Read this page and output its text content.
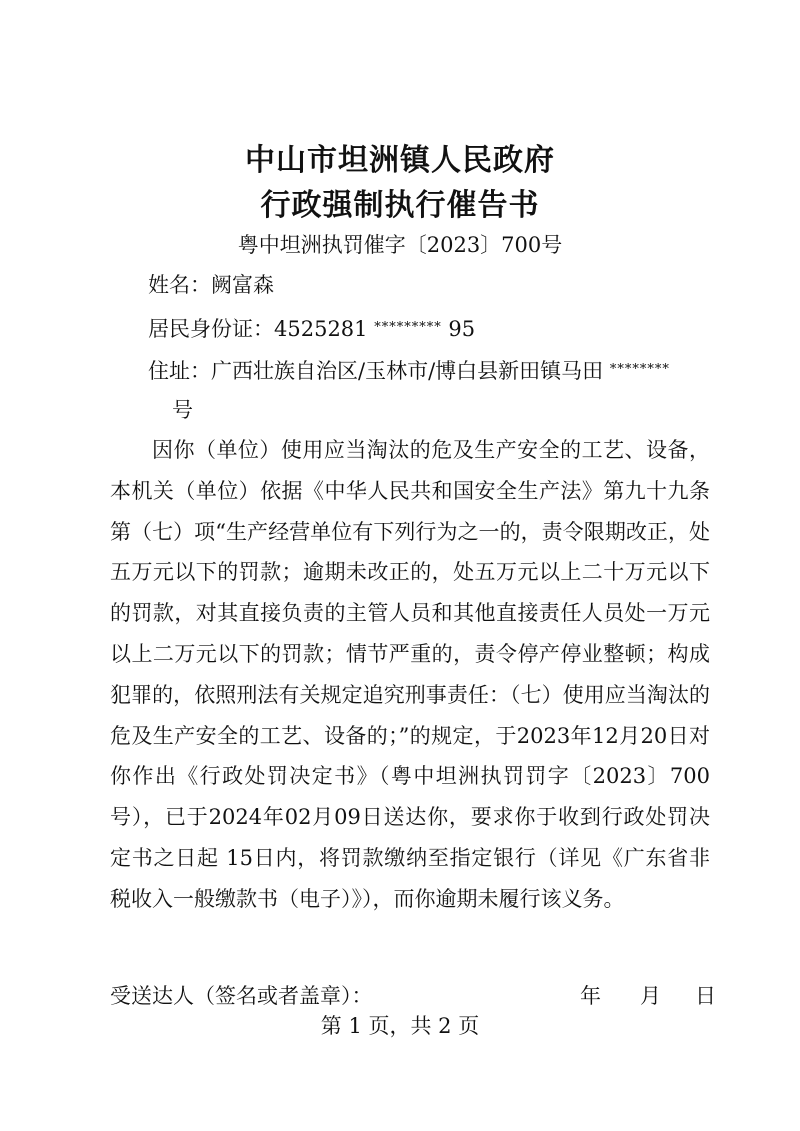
中山市坦洲镇人民政府
行政强制执行催告书
粤中坦洲执罚催字〔2023〕700号
姓名：阙富森
居民身份证：4525281 ********* 95
住址：广西壮族自治区/玉林市/博白县新田镇马田 ********
号

因你（单位）使用应当淘汰的危及生产安全的工艺、设备，本机关（单位）依据《中华人民共和国安全生产法》第九十九条第（七）项“生产经营单位有下列行为之一的，责令限期改正，处五万元以下的罚款；逾期未改正的，处五万元以上二十万元以下的罚款，对其直接负责的主管人员和其他直接责任人员处一万元以上二万元以下的罚款；情节严重的，责令停产停业整顿；构成犯罪的，依照刑法有关规定追究刑事责任：（七）使用应当淘汰的危及生产安全的工艺、设备的；”的规定，于2023年12月20日对你作出《行政处罚决定书》（粤中坦洲执罚罚字〔2023〕700号），已于2024年02月09日送达你，要求你于收到行政处罚决定书之日起 15日内，将罚款缴纳至指定银行（详见《广东省非税收入一般缴款书（电子）》），而你逾期未履行该义务。

受送达人（签名或者盖章）：	年 月 日
第 1 页，共 2 页
